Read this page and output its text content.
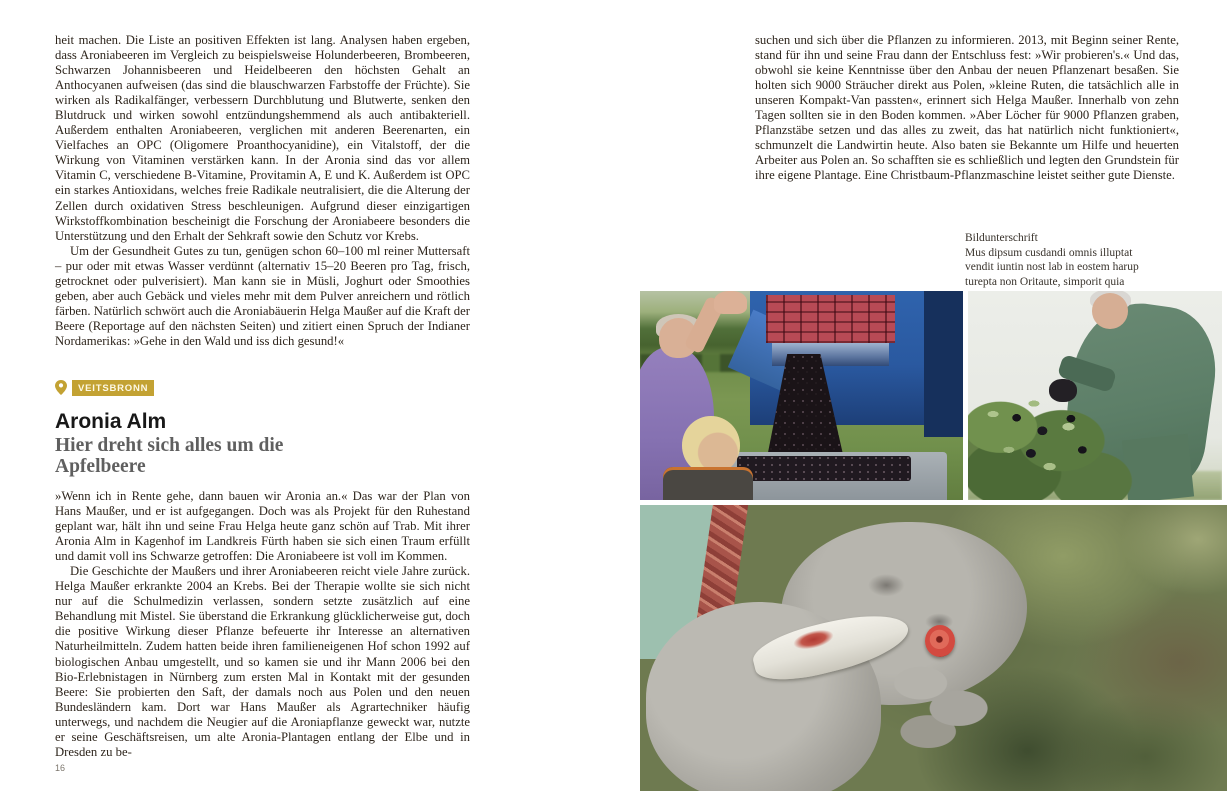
heit machen. Die Liste an positiven Effekten ist lang. Analysen haben ergeben, dass Aroniabeeren im Vergleich zu beispielsweise Holunderbeeren, Brombeeren, Schwarzen Johannisbeeren und Heidelbeeren den höchsten Gehalt an Anthocyanen aufweisen (das sind die blauschwarzen Farbstoffe der Früchte). Sie wirken als Radikalfänger, verbessern Durchblutung und Blutwerte, senken den Blutdruck und wirken sowohl entzündungshemmend als auch antibakteriell. Außerdem enthalten Aroniabeeren, verglichen mit anderen Beerenarten, ein Vielfaches an OPC (Oligomere Proanthocyanidine), ein Vitalstoff, der die Wirkung von Vitaminen verstärken kann. In der Aronia sind das vor allem Vitamin C, verschiedene B-Vitamine, Provitamin A, E und K. Außerdem ist OPC ein starkes Antioxidans, welches freie Radikale neutralisiert, die die Alterung der Zellen durch oxidativen Stress beschleunigen. Aufgrund dieser einzigartigen Wirkstoffkombination bescheinigt die Forschung der Aroniabeere besonders die Unterstützung und den Erhalt der Sehkraft sowie den Schutz vor Krebs.

Um der Gesundheit Gutes zu tun, genügen schon 60–100 ml reiner Muttersaft – pur oder mit etwas Wasser verdünnt (alternativ 15–20 Beeren pro Tag, frisch, getrocknet oder pulverisiert). Man kann sie in Müsli, Joghurt oder Smoothies geben, aber auch Gebäck und vieles mehr mit dem Pulver anreichern und rötlich färben. Natürlich schwört auch die Aroniabäuerin Helga Maußer auf die Kraft der Beere (Reportage auf den nächsten Seiten) und zitiert einen Spruch der Indianer Nordamerikas: »Gehe in den Wald und iss dich gesund!«

VEITSBRONN
Aronia Alm
Hier dreht sich alles um die Apfelbeere

»Wenn ich in Rente gehe, dann bauen wir Aronia an.« Das war der Plan von Hans Maußer, und er ist aufgegangen. Doch was als Projekt für den Ruhestand geplant war, hält ihn und seine Frau Helga heute ganz schön auf Trab. Mit ihrer Aronia Alm in Kagenhof im Landkreis Fürth haben sie sich einen Traum erfüllt und damit voll ins Schwarze getroffen: Die Aroniabeere ist voll im Kommen.

Die Geschichte der Maußers und ihrer Aroniabeeren reicht viele Jahre zurück. Helga Maußer erkrankte 2004 an Krebs. Bei der Therapie wollte sie sich nicht nur auf die Schulmedizin verlassen, sondern setzte zusätzlich auf eine Behandlung mit Mistel. Sie überstand die Erkrankung glücklicherweise gut, doch die positive Wirkung dieser Pflanze befeuerte ihr Interesse an alternativen Naturheilmitteln. Zudem hatten beide ihren familieneigenen Hof schon 1992 auf biologischen Anbau umgestellt, und so kamen sie und ihr Mann 2006 bei den Bio-Erlebnistagen in Nürnberg zum ersten Mal in Kontakt mit der gesunden Beere: Sie probierten den Saft, der damals noch aus Polen und den neuen Bundesländern kam. Dort war Hans Maußer als Agrartechniker häufig unterwegs, und nachdem die Neugier auf die Aroniapflanze geweckt war, nutzte er seine Geschäftsreisen, um alte Aronia-Plantagen entlang der Elbe und in Dresden zu be-

suchen und sich über die Pflanzen zu informieren. 2013, mit Beginn seiner Rente, stand für ihn und seine Frau dann der Entschluss fest: »Wir probieren's.« Und das, obwohl sie keine Kenntnisse über den Anbau der neuen Pflanzenart besaßen. Sie holten sich 9000 Sträucher direkt aus Polen, »kleine Ruten, die tatsächlich alle in unseren Kompakt-Van passten«, erinnert sich Helga Maußer. Innerhalb von zehn Tagen sollten sie in den Boden kommen. »Aber Löcher für 9000 Pflanzen graben, Pflanzstäbe setzen und das alles zu zweit, das hat natürlich nicht funktioniert«, schmunzelt die Landwirtin heute. Also baten sie Bekannte um Hilfe und heuerten Arbeiter aus Polen an. So schafften sie es schließlich und legten den Grundstein für ihre eigene Plantage. Eine Christbaum-Pflanzmaschine leistet seither gute Dienste.

Bildunterschrift
Mus dipsum cusdandi omnis illuptat
vendit iuntin nost lab in eostem harup
turepta non Oritaute, simporit quia
16
